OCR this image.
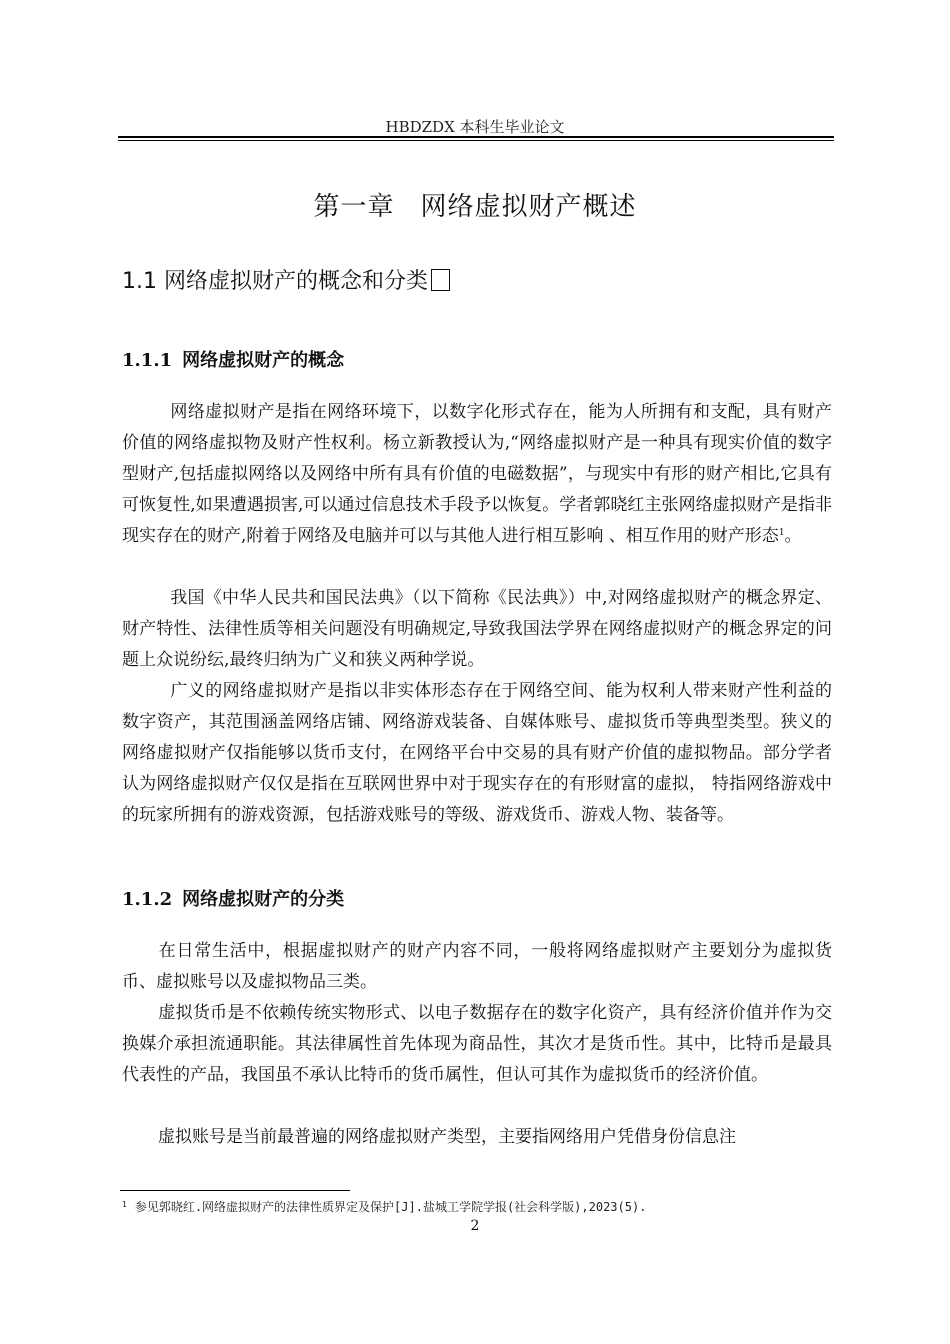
HBDZDX 本科生毕业论文
第一章 网络虚拟财产概述
1.1 网络虚拟财产的概念和分类
1.1.1 网络虚拟财产的概念

网络虚拟财产是指在网络环境下，以数字化形式存在，能为人所拥有和支配，具有财产价值的网络虚拟物及财产性权利。杨立新教授认为,“网络虚拟财产是一种具有现实价值的数字型财产,包括虚拟网络以及网络中所有具有价值的电磁数据”，与现实中有形的财产相比,它具有可恢复性,如果遭遇损害,可以通过信息技术手段予以恢复。学者郭晓红主张网络虚拟财产是指非现实存在的财产,附着于网络及电脑并可以与其他人进行相互影响 、相互作用的财产形态$^1$。

我国《中华人民共和国民法典》（以下简称《民法典》）中,对网络虚拟财产的概念界定、财产特性、法律性质等相关问题没有明确规定,导致我国法学界在网络虚拟财产的概念界定的问题上众说纷纭,最终归纳为广义和狭义两种学说。

广义的网络虚拟财产是指以非实体形态存在于网络空间、能为权利人带来财产性利益的数字资产，其范围涵盖网络店铺、网络游戏装备、自媒体账号、虚拟货币等典型类型。狭义的网络虚拟财产仅指能够以货币支付，在网络平台中交易的具有财产价值的虚拟物品。部分学者认为网络虚拟财产仅仅是指在互联网世界中对于现实存在的有形财富的虚拟， 特指网络游戏中的玩家所拥有的游戏资源，包括游戏账号的等级、游戏货币、游戏人物、装备等。

1.1.2 网络虚拟财产的分类

在日常生活中，根据虚拟财产的财产内容不同，一般将网络虚拟财产主要划分为虚拟货币、虚拟账号以及虚拟物品三类。

虚拟货币是不依赖传统实物形式、以电子数据存在的数字化资产，具有经济价值并作为交换媒介承担流通职能。其法律属性首先体现为商品性，其次才是货币性。其中，比特币是最具代表性的产品，我国虽不承认比特币的货币属性，但认可其作为虚拟货币的经济价值。

虚拟账号是当前最普遍的网络虚拟财产类型，主要指网络用户凭借身份信息注

$^1$ 参见郭晓红.网络虚拟财产的法律性质界定及保护[J].盐城工学院学报(社会科学版),2023(5).
2
